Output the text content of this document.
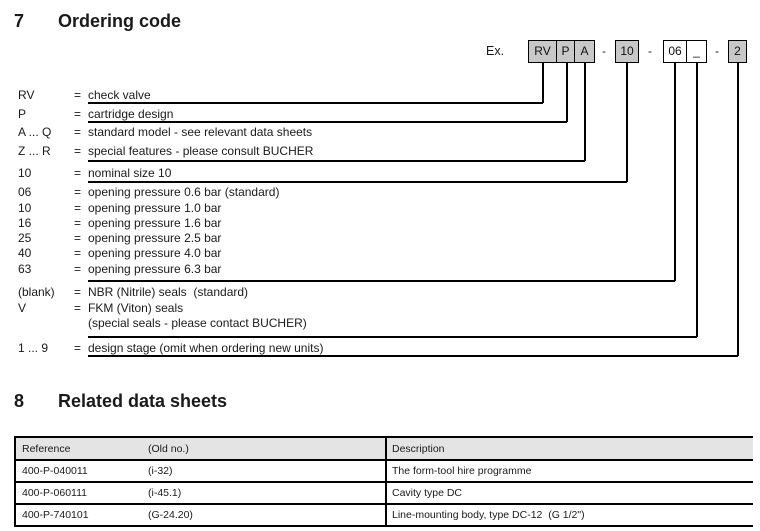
7 Ordering code
Ex.	RV P A	-	10	-	06 _	-	2
RV	= check valve
P	= cartridge design
A ... Q = standard model - see relevant data sheets
Z ... R = special features - please consult BUCHER
10	= nominal size 10
06	= opening pressure 0.6 bar (standard)
10	= opening pressure 1.0 bar
16	= opening pressure 1.6 bar
25	= opening pressure 2.5 bar
40	= opening pressure 4.0 bar
63	= opening pressure 6.3 bar
(blank) = NBR (Nitrile) seals  (standard)
V	= FKM (Viton) seals
(special seals - please contact BUCHER)
1 ... 9 = design stage (omit when ordering new units)
8 Related data sheets
Reference	(Old no.)	Description
400-P-040011	(i-32)	The form-tool hire programme
400-P-060111	(i-45.1)	Cavity type DC
400-P-740101	(G-24.20)	Line-mounting body, type DC-12  (G 1/2")
